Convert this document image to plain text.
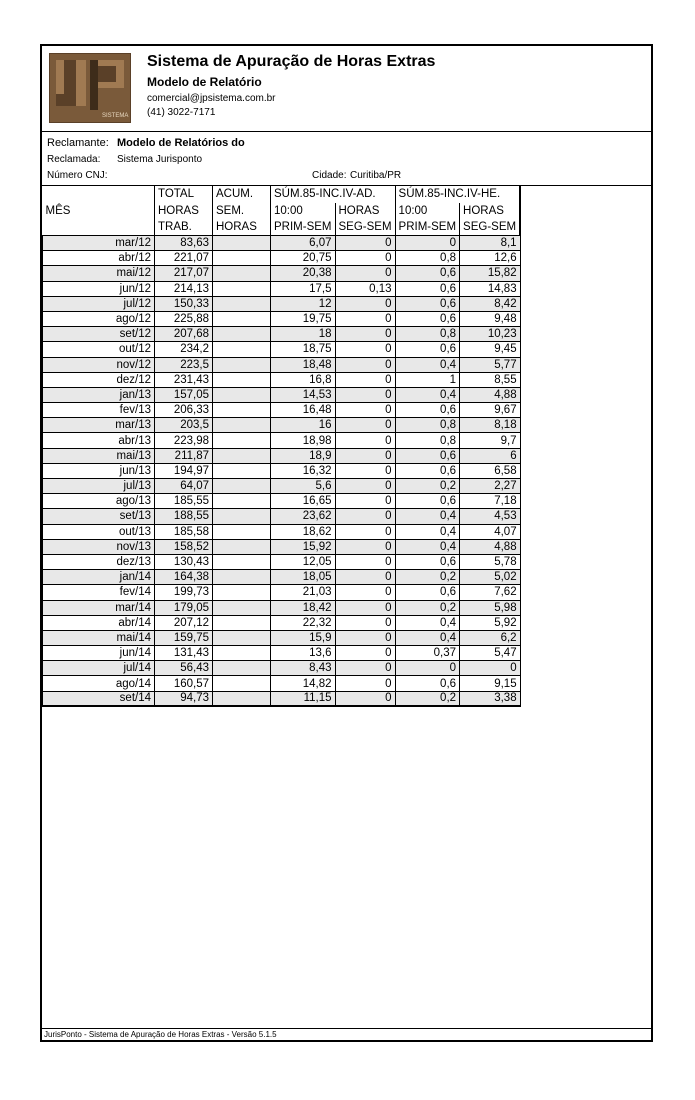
SISTEMA
Sistema de Apuração de Horas Extras
Modelo de Relatório
comercial@jpsistema.com.br
(41) 3022-7171
Reclamante: Modelo de Relatórios do
Reclamada: Sistema Jurisponto
Número CNJ:	Cidade: Curitiba/PR
	TOTAL	ACUM.	SÚM.85-INC.IV-AD.		SÚM.85-INC.IV-HE.	
MÊS	HORAS	SEM.	10:00	HORAS	10:00	HORAS
	TRAB.	HORAS	PRIM-SEM	SEG-SEM	PRIM-SEM	SEG-SEM
mar/12	83,63		6,07	0	0	8,1
abr/12	221,07		20,75	0	0,8	12,6
mai/12	217,07		20,38	0	0,6	15,82
jun/12	214,13		17,5	0,13	0,6	14,83
jul/12	150,33		12	0	0,6	8,42
ago/12	225,88		19,75	0	0,6	9,48
set/12	207,68		18	0	0,8	10,23
out/12	234,2		18,75	0	0,6	9,45
nov/12	223,5		18,48	0	0,4	5,77
dez/12	231,43		16,8	0	1	8,55
jan/13	157,05		14,53	0	0,4	4,88
fev/13	206,33		16,48	0	0,6	9,67
mar/13	203,5		16	0	0,8	8,18
abr/13	223,98		18,98	0	0,8	9,7
mai/13	211,87		18,9	0	0,6	6
jun/13	194,97		16,32	0	0,6	6,58
jul/13	64,07		5,6	0	0,2	2,27
ago/13	185,55		16,65	0	0,6	7,18
set/13	188,55		23,62	0	0,4	4,53
out/13	185,58		18,62	0	0,4	4,07
nov/13	158,52		15,92	0	0,4	4,88
dez/13	130,43		12,05	0	0,6	5,78
jan/14	164,38		18,05	0	0,2	5,02
fev/14	199,73		21,03	0	0,6	7,62
mar/14	179,05		18,42	0	0,2	5,98
abr/14	207,12		22,32	0	0,4	5,92
mai/14	159,75		15,9	0	0,4	6,2
jun/14	131,43		13,6	0	0,37	5,47
jul/14	56,43		8,43	0	0	0
ago/14	160,57		14,82	0	0,6	9,15
set/14	94,73		11,15	0	0,2	3,38
JurisPonto - Sistema de Apuração de Horas Extras - Versão 5.1.5
